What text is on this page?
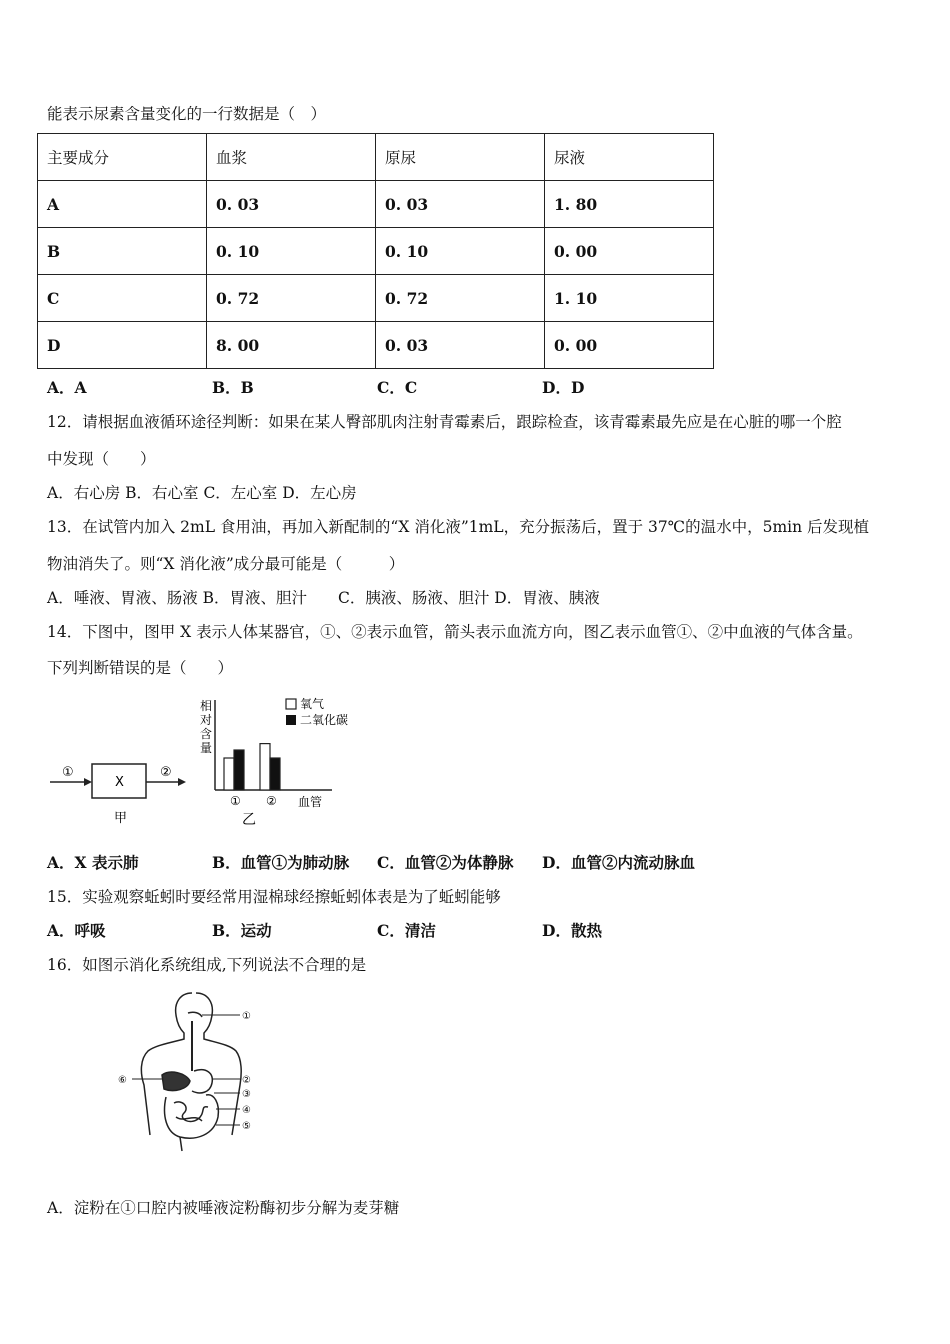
能表示尿素含量变化的一行数据是（　）
主要成分	血浆	原尿	尿液
A	0. 03	0. 03	1. 80
B	0. 10	0. 10	0. 00
C	0. 72	0. 72	1. 10
D	8. 00	0. 03	0. 00
A．A	B．B	C．C	D．D
12．请根据血液循环途径判断：如果在某人臀部肌肉注射青霉素后，跟踪检查，该青霉素最先应是在心脏的哪一个腔
中发现（　　）
A．右心房 B．右心室 C．左心室 D．左心房
13．在试管内加入 2mL 食用油，再加入新配制的“X 消化液”1mL，充分振荡后，置于 37℃的温水中，5min 后发现植
物油消失了。则“X 消化液”成分最可能是（　　　）
A．唾液、胃液、肠液 B．胃液、胆汁　　C．胰液、肠液、胆汁 D．胃液、胰液
14．下图中，图甲 X 表示人体某器官，①、②表示血管，箭头表示血流方向，图乙表示血管①、②中血液的气体含量。
下列判断错误的是（　　）
①
X
②
甲
相
对
含
量
氧气
二氧化碳
① ② 血管
乙
A．X 表示肺	B．血管①为肺动脉 C．血管②为体静脉 D．血管②内流动脉血
15．实验观察蚯蚓时要经常用湿棉球经擦蚯蚓体表是为了蚯蚓能够
A．呼吸	B．运动	C．清洁	D．散热
16．如图示消化系统组成,下列说法不合理的是
①
②
③
④
⑤
⑥
A．淀粉在①口腔内被唾液淀粉酶初步分解为麦芽糖
